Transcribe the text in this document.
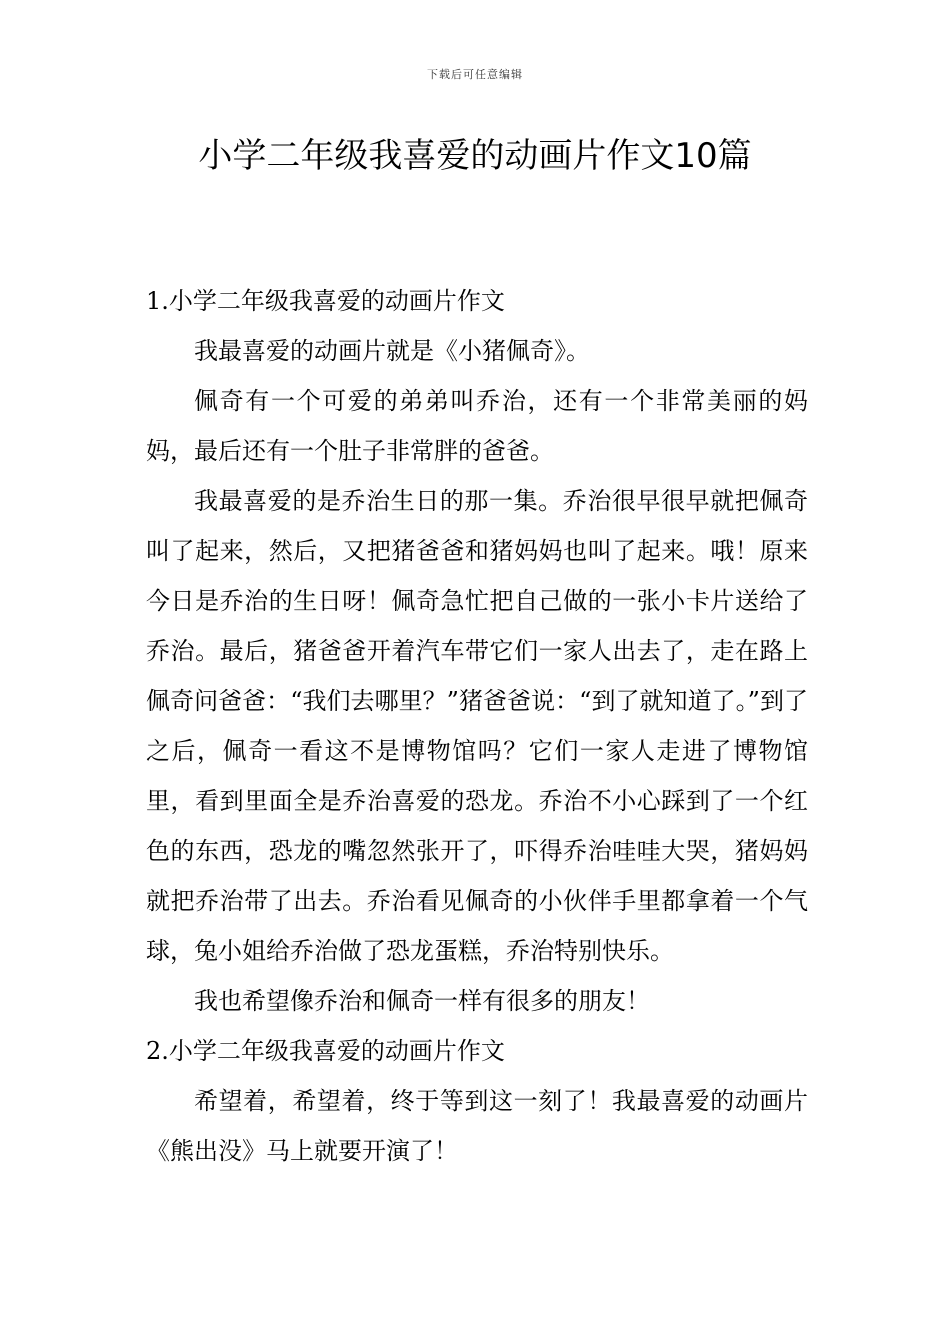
下载后可任意编辑
小学二年级我喜爱的动画片作文10篇

1.小学二年级我喜爱的动画片作文

我最喜爱的动画片就是《小猪佩奇》。

佩奇有一个可爱的弟弟叫乔治，还有一个非常美丽的妈妈，最后还有一个肚子非常胖的爸爸。

我最喜爱的是乔治生日的那一集。乔治很早很早就把佩奇叫了起来，然后，又把猪爸爸和猪妈妈也叫了起来。哦！原来今日是乔治的生日呀！佩奇急忙把自己做的一张小卡片送给了乔治。最后，猪爸爸开着汽车带它们一家人出去了，走在路上佩奇问爸爸：“我们去哪里？”猪爸爸说：“到了就知道了。”到了之后，佩奇一看这不是博物馆吗？它们一家人走进了博物馆里，看到里面全是乔治喜爱的恐龙。乔治不小心踩到了一个红色的东西，恐龙的嘴忽然张开了，吓得乔治哇哇大哭，猪妈妈就把乔治带了出去。乔治看见佩奇的小伙伴手里都拿着一个气球，兔小姐给乔治做了恐龙蛋糕，乔治特别快乐。

我也希望像乔治和佩奇一样有很多的朋友！

2.小学二年级我喜爱的动画片作文

希望着，希望着，终于等到这一刻了！我最喜爱的动画片《熊出没》马上就要开演了！
